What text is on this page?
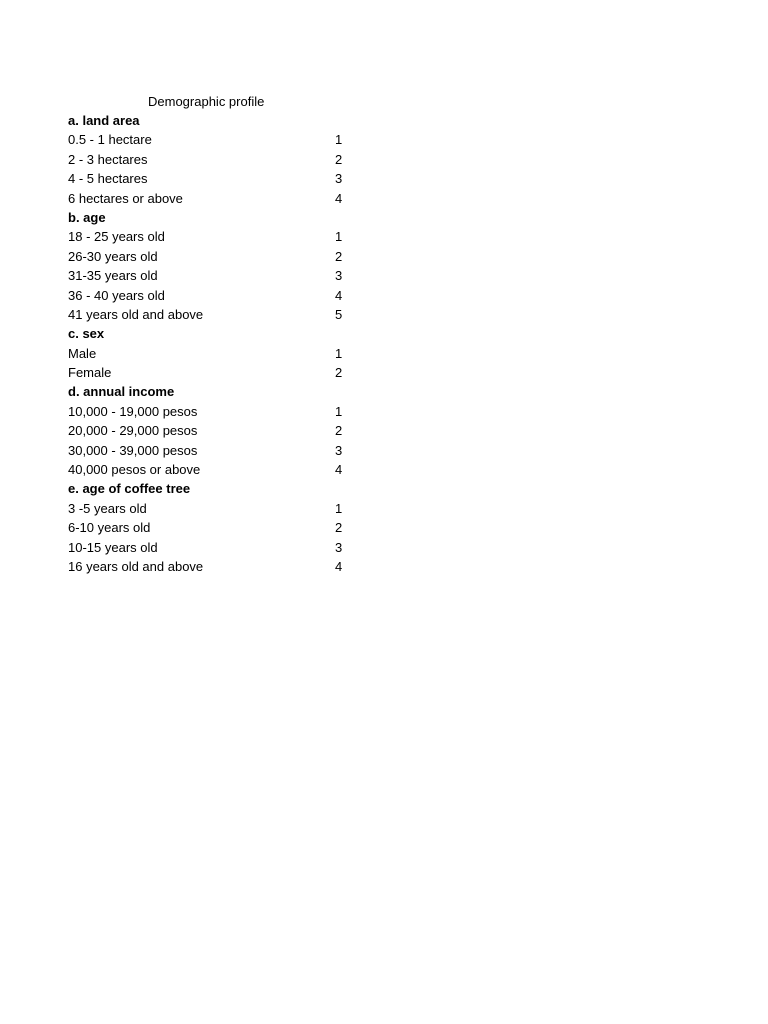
Demographic profile
a. land area
0.5 - 1 hectare	1
2 - 3 hectares	2
4 - 5 hectares	3
6 hectares or above	4
b. age
18 - 25 years old	1
26-30 years old	2
31-35 years old	3
36 - 40 years old	4
41 years old and above	5
c. sex
Male	1
Female	2
d. annual income
10,000 - 19,000 pesos	1
20,000 - 29,000 pesos	2
30,000 - 39,000 pesos	3
40,000 pesos or above	4
e. age of coffee tree
3 -5 years old	1
6-10 years old	2
10-15 years old	3
16 years old and above	4
